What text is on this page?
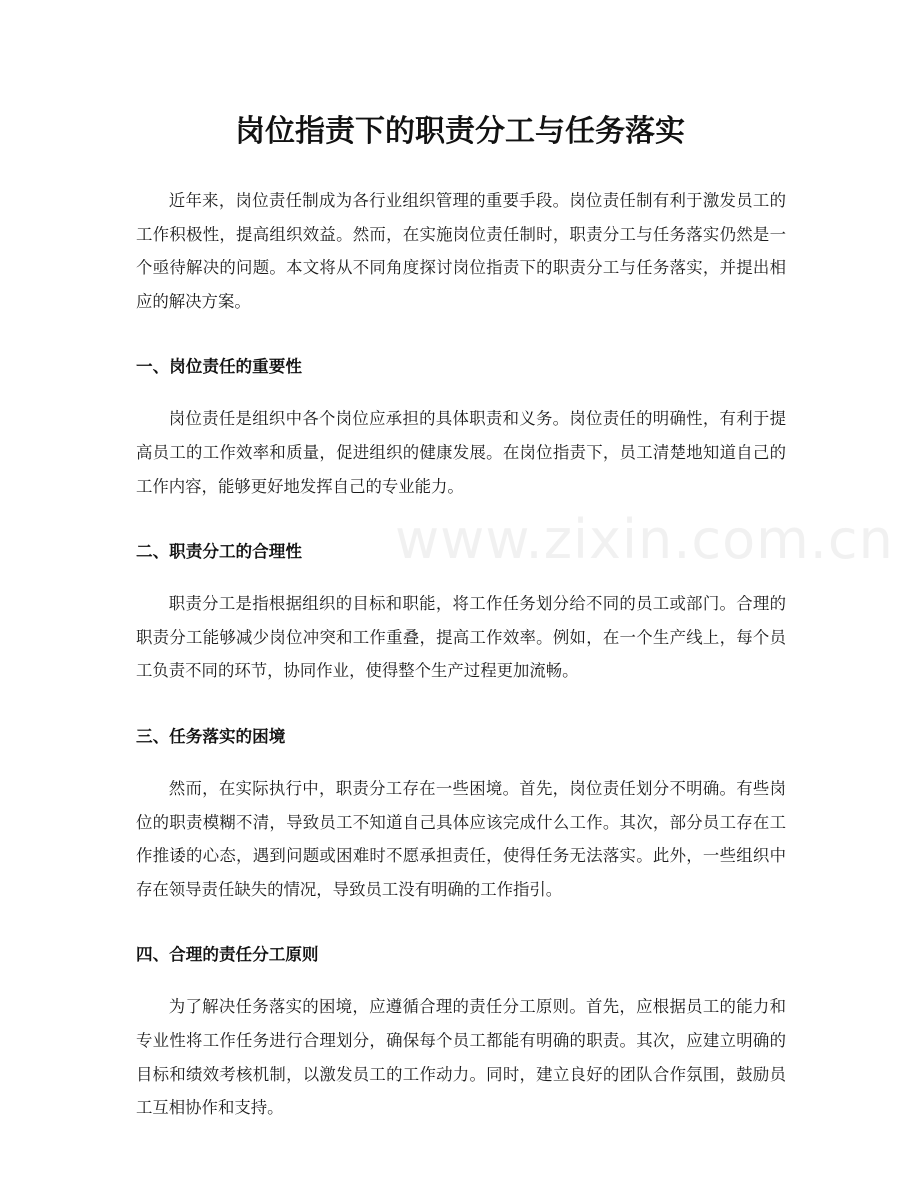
岗位指责下的职责分工与任务落实

近年来，岗位责任制成为各行业组织管理的重要手段。岗位责任制有利于激发员工的工作积极性，提高组织效益。然而，在实施岗位责任制时，职责分工与任务落实仍然是一个亟待解决的问题。本文将从不同角度探讨岗位指责下的职责分工与任务落实，并提出相应的解决方案。

一、岗位责任的重要性

岗位责任是组织中各个岗位应承担的具体职责和义务。岗位责任的明确性，有利于提高员工的工作效率和质量，促进组织的健康发展。在岗位指责下，员工清楚地知道自己的工作内容，能够更好地发挥自己的专业能力。

二、职责分工的合理性

职责分工是指根据组织的目标和职能，将工作任务划分给不同的员工或部门。合理的职责分工能够减少岗位冲突和工作重叠，提高工作效率。例如，在一个生产线上，每个员工负责不同的环节，协同作业，使得整个生产过程更加流畅。

三、任务落实的困境

然而，在实际执行中，职责分工存在一些困境。首先，岗位责任划分不明确。有些岗位的职责模糊不清，导致员工不知道自己具体应该完成什么工作。其次，部分员工存在工作推诿的心态，遇到问题或困难时不愿承担责任，使得任务无法落实。此外，一些组织中存在领导责任缺失的情况，导致员工没有明确的工作指引。

四、合理的责任分工原则

为了解决任务落实的困境，应遵循合理的责任分工原则。首先，应根据员工的能力和专业性将工作任务进行合理划分，确保每个员工都能有明确的职责。其次，应建立明确的目标和绩效考核机制，以激发员工的工作动力。同时，建立良好的团队合作氛围，鼓励员工互相协作和支持。

www.zixin.com.cn
